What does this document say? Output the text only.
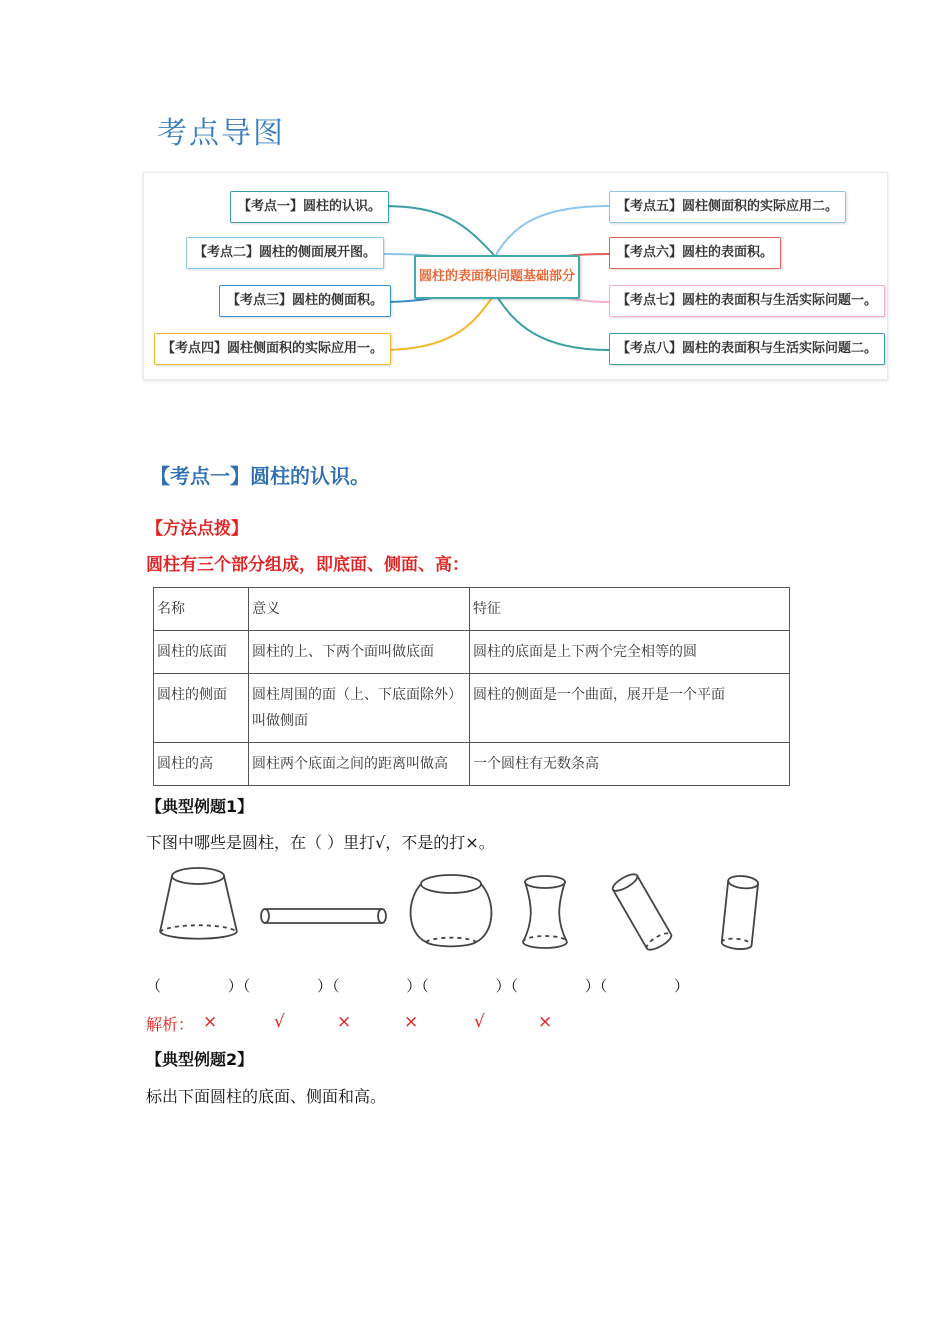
考点导图
圆柱的表面积问题基础部分
【考点一】圆柱的认识。
【考点二】圆柱的侧面展开图。
【考点三】圆柱的侧面积。
【考点四】圆柱侧面积的实际应用一。
【考点五】圆柱侧面积的实际应用二。
【考点六】圆柱的表面积。
【考点七】圆柱的表面积与生活实际问题一。
【考点八】圆柱的表面积与生活实际问题二。
【考点一】圆柱的认识。
【方法点拨】
圆柱有三个部分组成，即底面、侧面、高：
名称	意义	特征
圆柱的底面	圆柱的上、下两个面叫做底面	圆柱的底面是上下两个完全相等的圆
圆柱的侧面	圆柱周围的面（上、下底面除外）叫做侧面	圆柱的侧面是一个曲面，展开是一个平面
圆柱的高	圆柱两个底面之间的距离叫做高	一个圆柱有无数条高
【典型例题1】
下图中哪些是圆柱，在（ ）里打√，不是的打×。
（              ）（              ）（              ）（              ）（              ）（              ）
解析： ×	√	×	×	√	×
【典型例题2】
标出下面圆柱的底面、侧面和高。
